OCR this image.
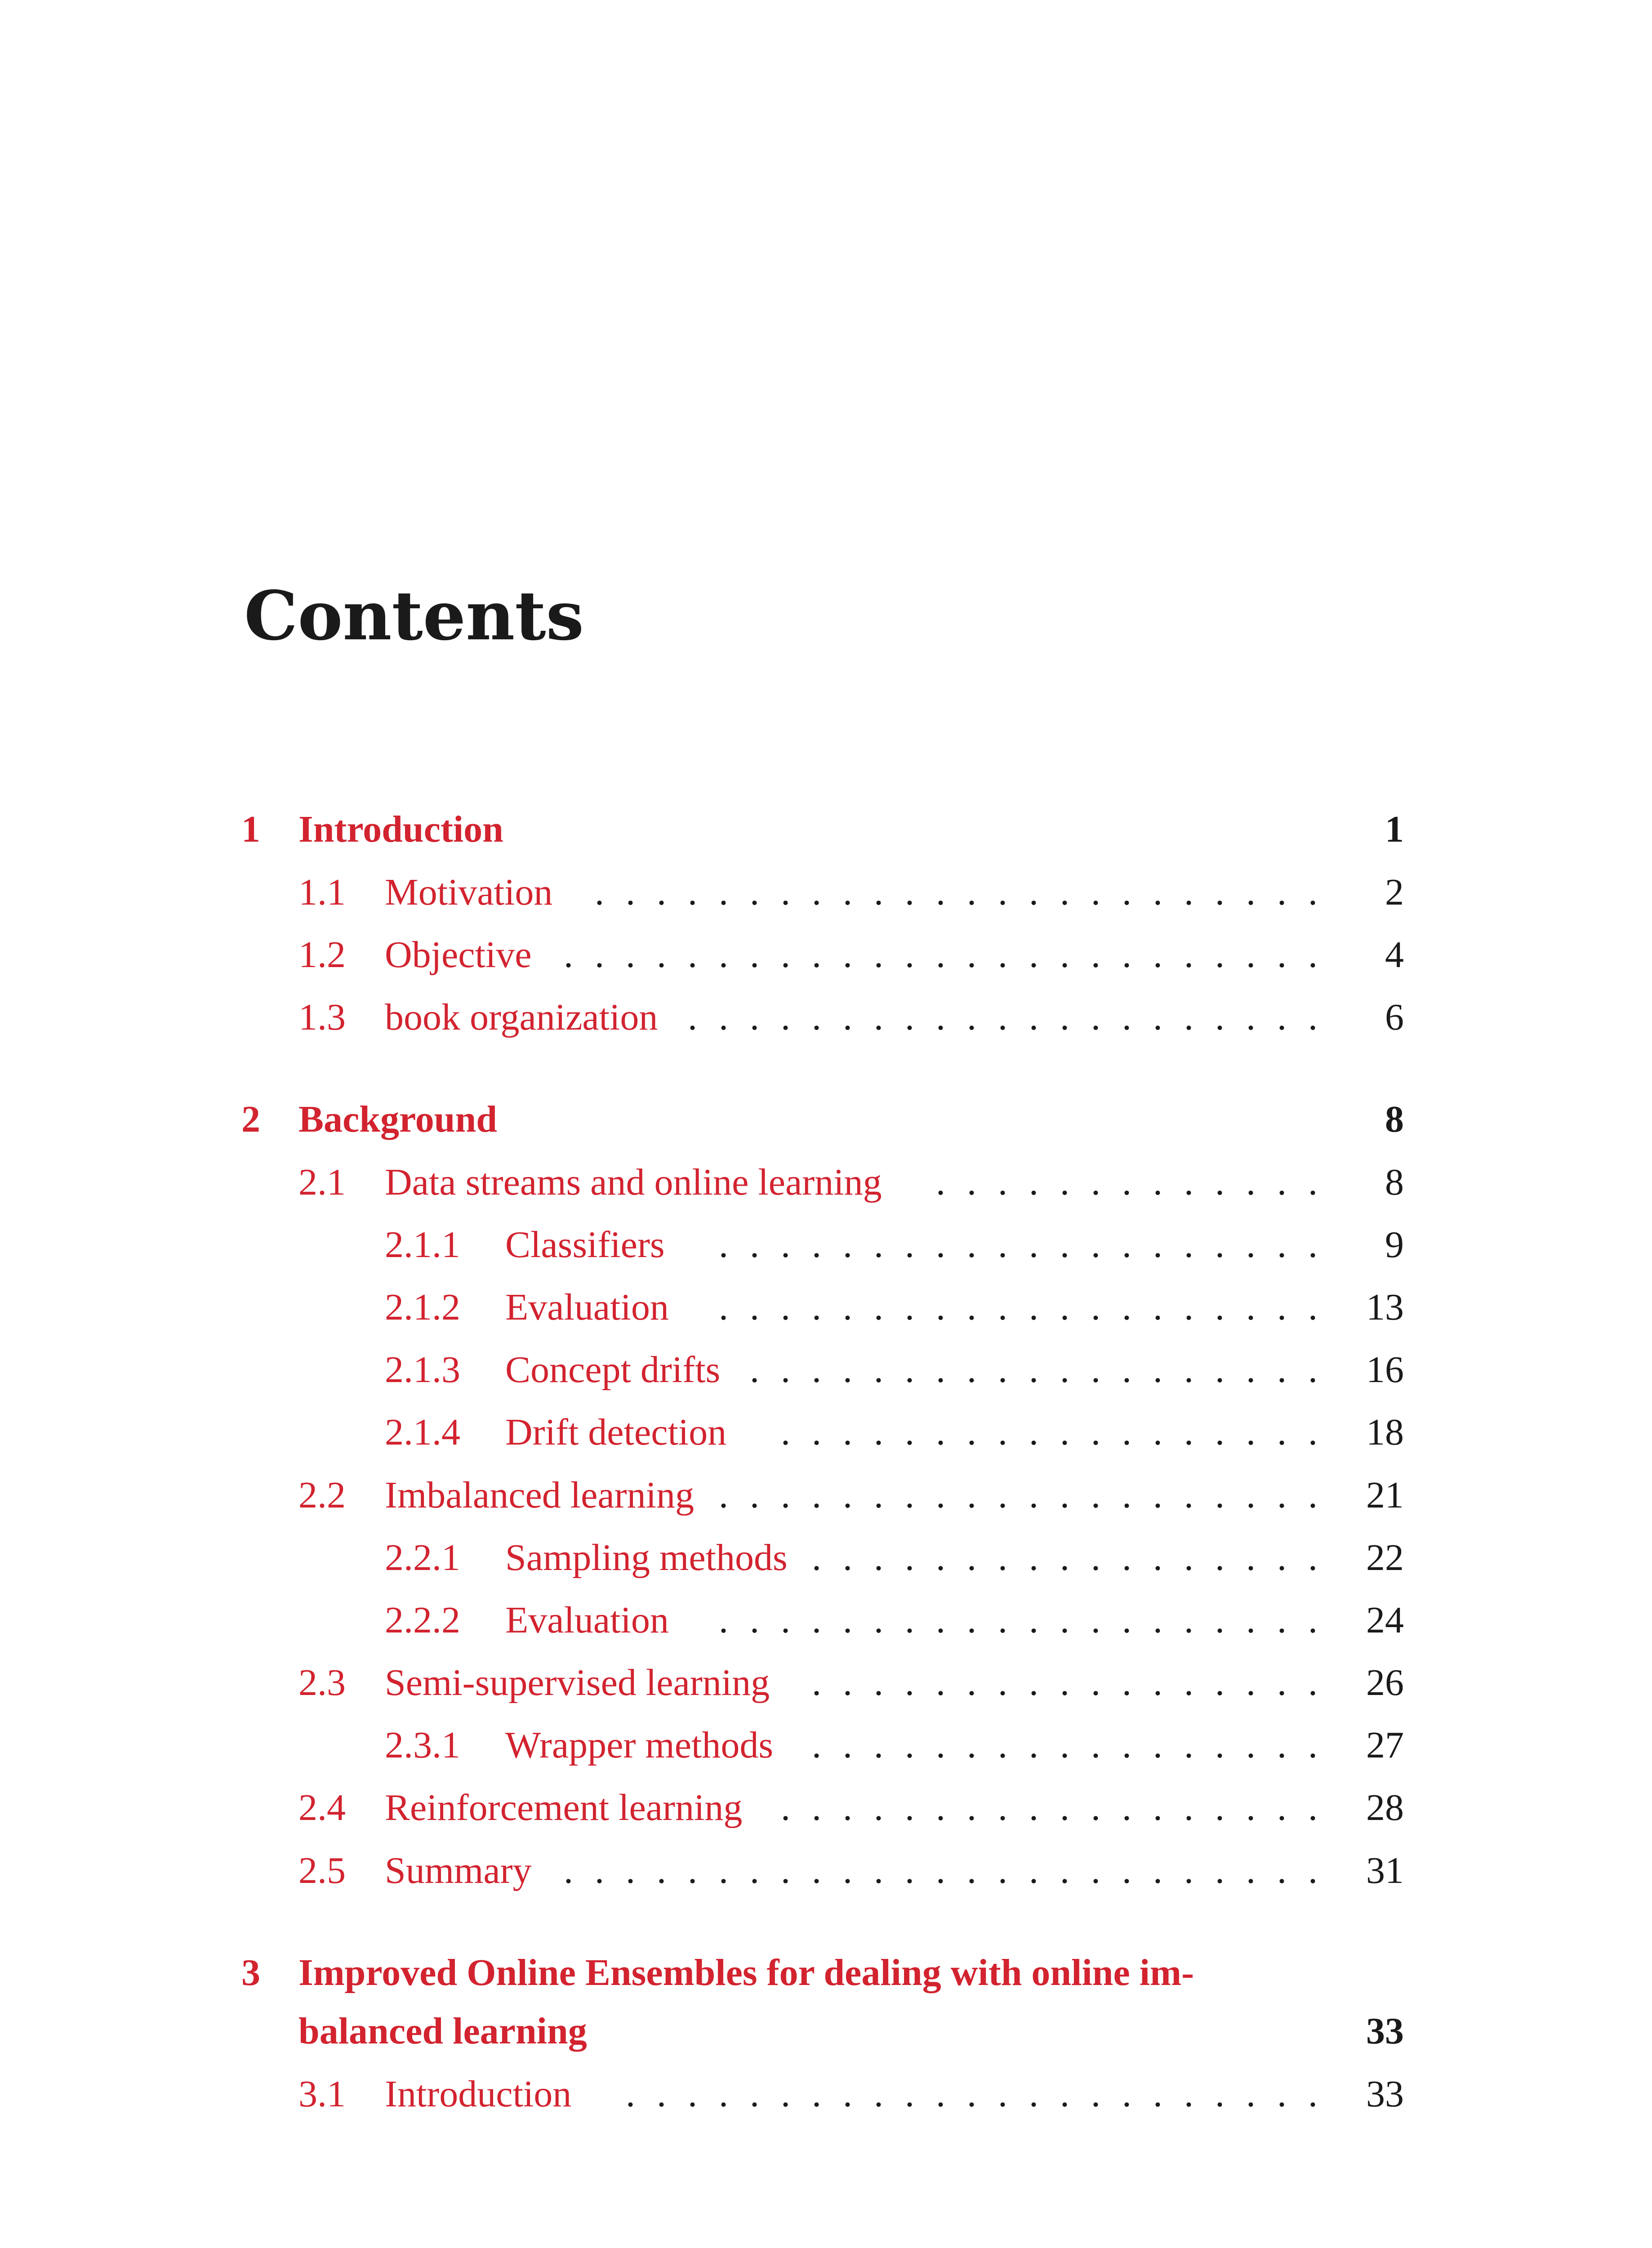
Contents
1 Introduction	1
1.1 Motivation	........................	2
1.2 Objective	.........................	4
1.3 book organization	.....................	6
2 Background	8
2.1 Data streams and online learning	.............	8
2.1.1 Classifiers	....................	9
2.1.2 Evaluation	....................	13
2.1.3 Concept drifts	...................	16
2.1.4 Drift detection	..................	18
2.2 Imbalanced learning	....................	21
2.2.1 Sampling methods	.................	22
2.2.2 Evaluation	....................	24
2.3 Semi-supervised learning	.................	26
2.3.1 Wrapper methods	.................	27
2.4 Reinforcement learning	..................	28
2.5 Summary	.........................	31
3 Improved Online Ensembles for dealing with online im-
balanced learning	33
3.1 Introduction	.......................	33
